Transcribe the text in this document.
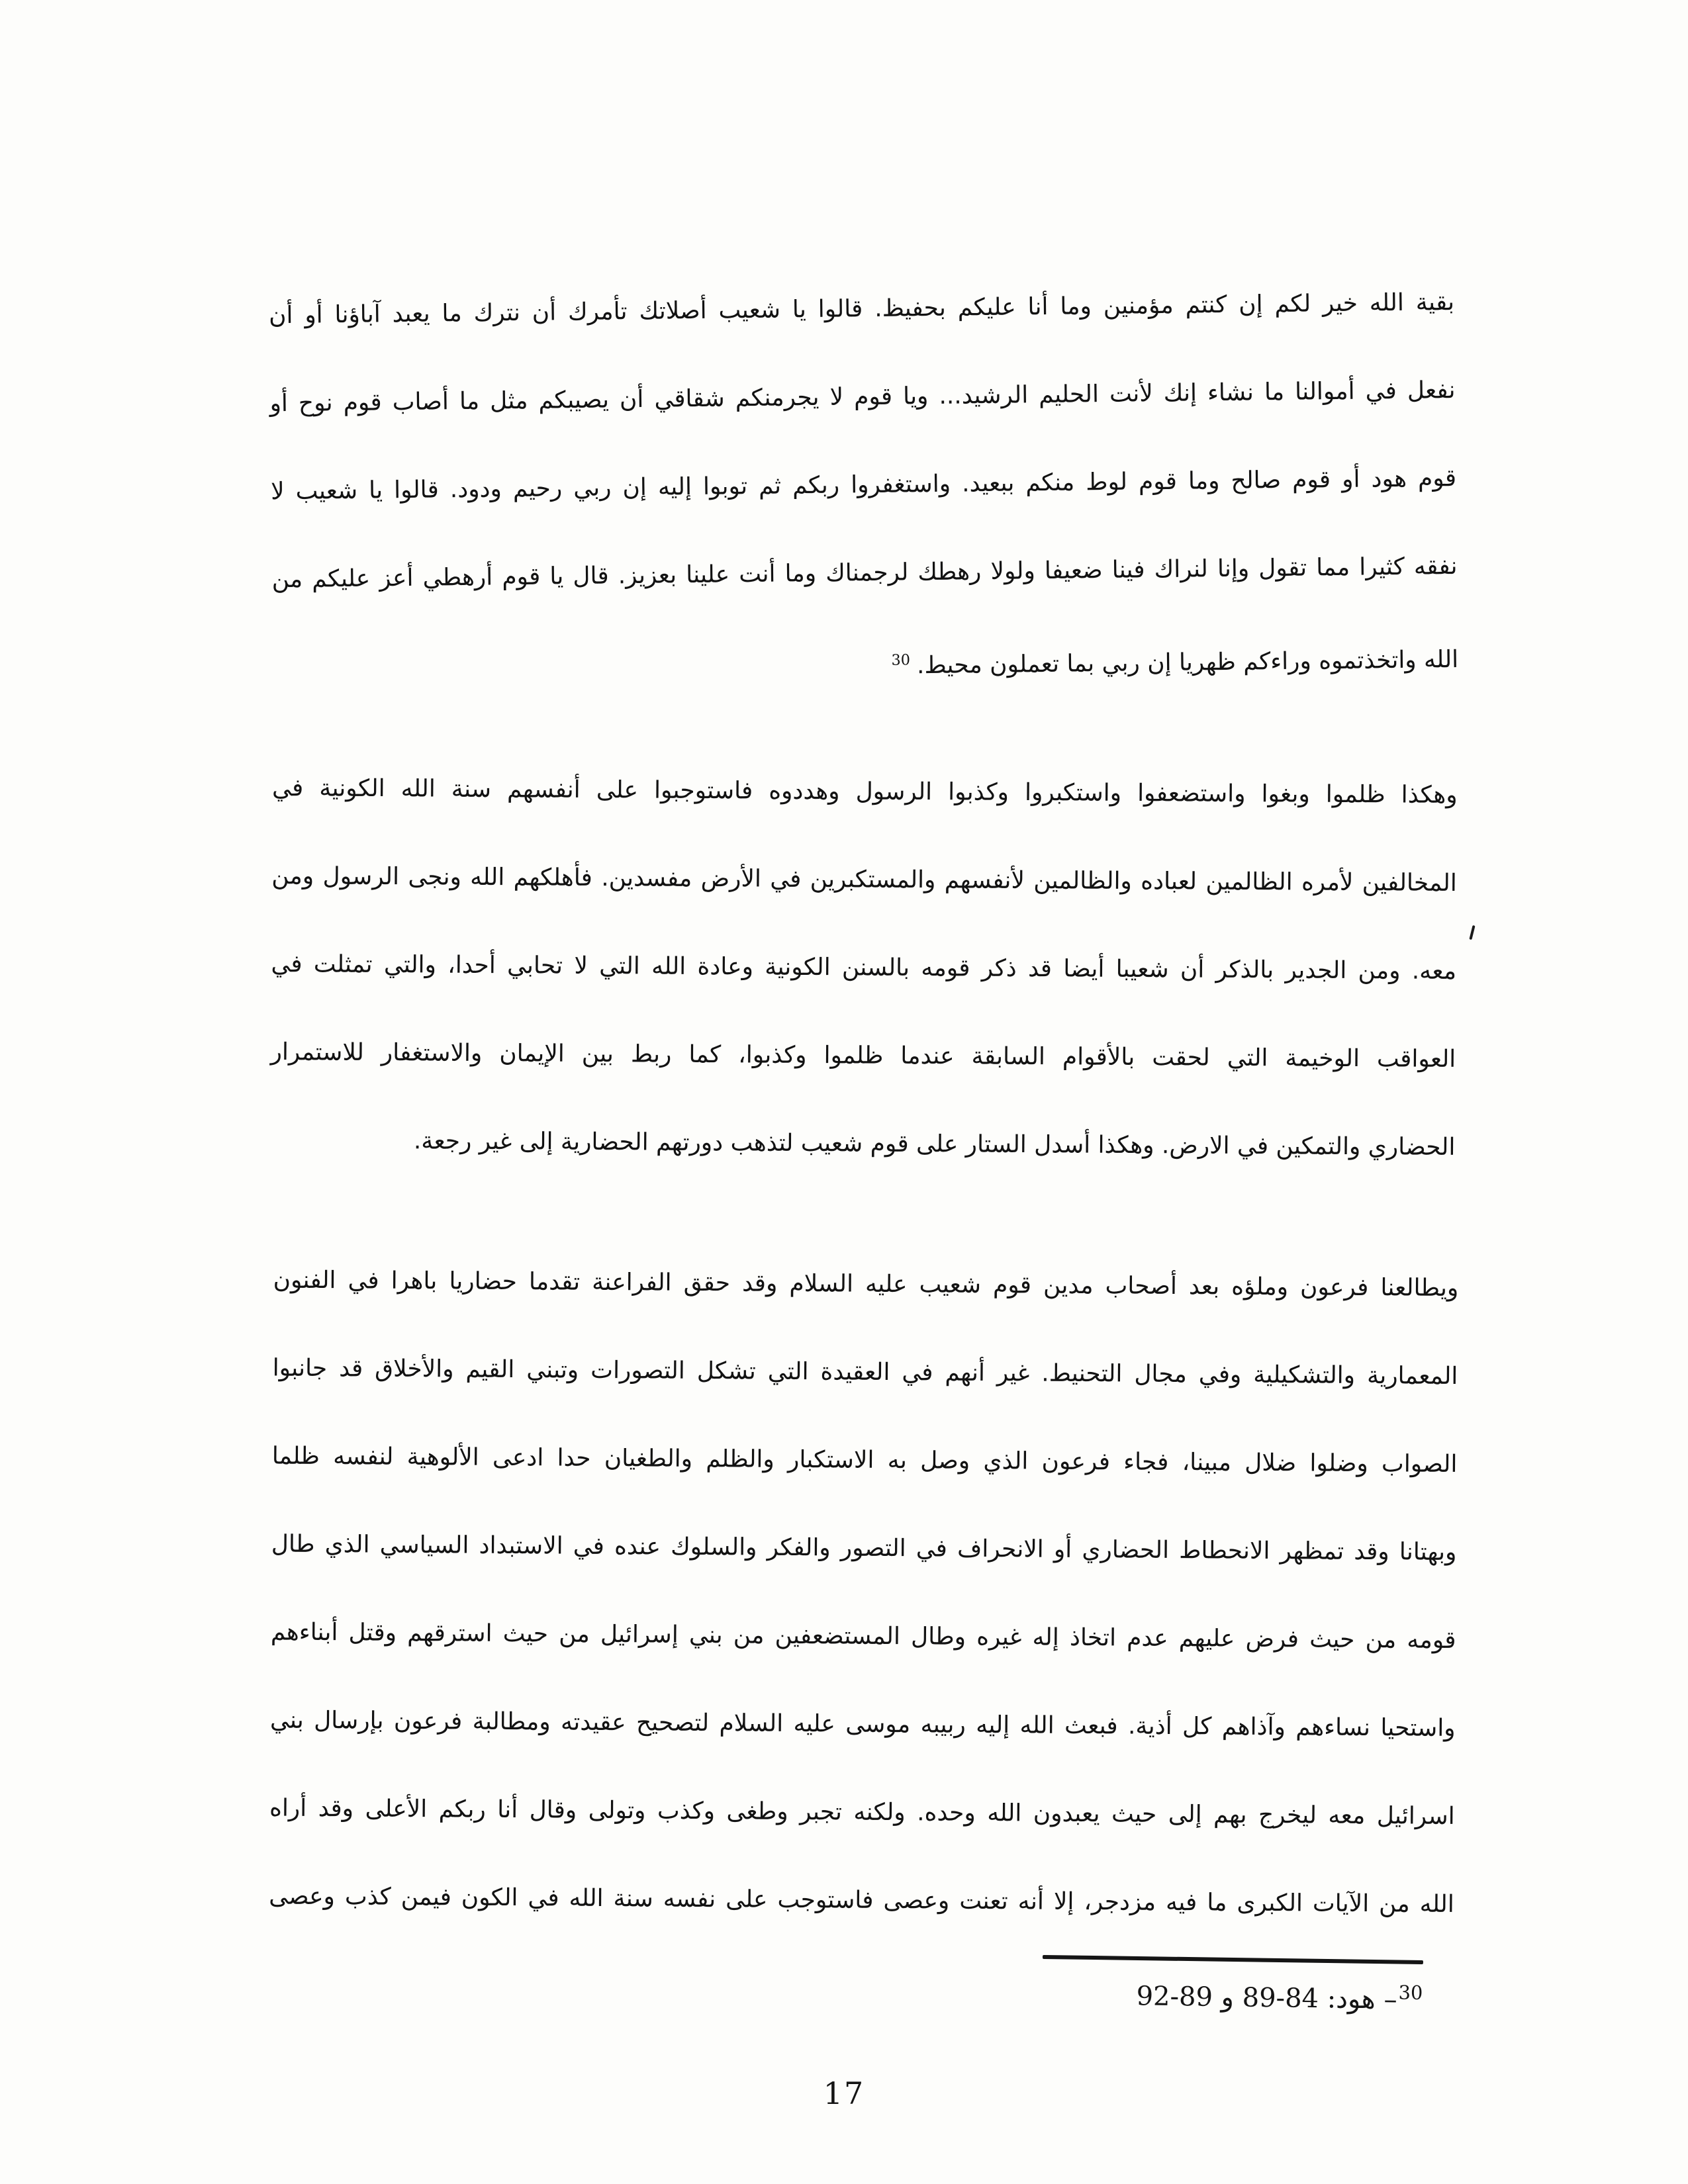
بقية الله خير لكم إن كنتم مؤمنين وما أنا عليكم بحفيظ. قالوا يا شعيب أصلاتك تأمرك أن نترك ما يعبد آباؤنا أو أن
نفعل في أموالنا ما نشاء إنك لأنت الحليم الرشيد... ويا قوم لا يجرمنكم شقاقي أن يصيبكم مثل ما أصاب قوم نوح أو
قوم هود أو قوم صالح وما قوم لوط منكم ببعيد. واستغفروا ربكم ثم توبوا إليه إن ربي رحيم ودود. قالوا يا شعيب لا
نفقه كثيرا مما تقول وإنا لنراك فينا ضعيفا ولولا رهطك لرجمناك وما أنت علينا بعزيز. قال يا قوم أرهطي أعز عليكم من
الله واتخذتموه وراءكم ظهريا إن ربي بما تعملون محيط.$^{30}$
وهكذا ظلموا وبغوا واستضعفوا واستكبروا وكذبوا الرسول وهددوه فاستوجبوا على أنفسهم سنة الله الكونية في
المخالفين لأمره الظالمين لعباده والظالمين لأنفسهم والمستكبرين في الأرض مفسدين. فأهلكهم الله ونجى الرسول ومن
معه. ومن الجدير بالذكر أن شعيبا أيضا قد ذكر قومه بالسنن الكونية وعادة الله التي لا تحابي أحدا، والتي تمثلت في
العواقب الوخيمة التي لحقت بالأقوام السابقة عندما ظلموا وكذبوا، كما ربط بين الإيمان والاستغفار للاستمرار
الحضاري والتمكين في الارض. وهكذا أسدل الستار على قوم شعيب لتذهب دورتهم الحضارية إلى غير رجعة.
ويطالعنا فرعون وملؤه بعد أصحاب مدين قوم شعيب عليه السلام وقد حقق الفراعنة تقدما حضاريا باهرا في الفنون
المعمارية والتشكيلية وفي مجال التحنيط. غير أنهم في العقيدة التي تشكل التصورات وتبني القيم والأخلاق قد جانبوا
الصواب وضلوا ضلال مبينا، فجاء فرعون الذي وصل به الاستكبار والظلم والطغيان حدا ادعى الألوهية لنفسه ظلما
وبهتانا وقد تمظهر الانحطاط الحضاري أو الانحراف في التصور والفكر والسلوك عنده في الاستبداد السياسي الذي طال
قومه من حيث فرض عليهم عدم اتخاذ إله غيره وطال المستضعفين من بني إسرائيل من حيث استرقهم وقتل أبناءهم
واستحيا نساءهم وآذاهم كل أذية. فبعث الله إليه ربيبه موسى عليه السلام لتصحيح عقيدته ومطالبة فرعون بإرسال بني
اسرائيل معه ليخرج بهم إلى حيث يعبدون الله وحده. ولكنه تجبر وطغى وكذب وتولى وقال أنا ربكم الأعلى وقد أراه
الله من الآيات الكبرى ما فيه مزدجر، إلا أنه تعنت وعصى فاستوجب على نفسه سنة الله في الكون فيمن كذب وعصى
$^{30}$– هود: 84-89 و 89-92
17
